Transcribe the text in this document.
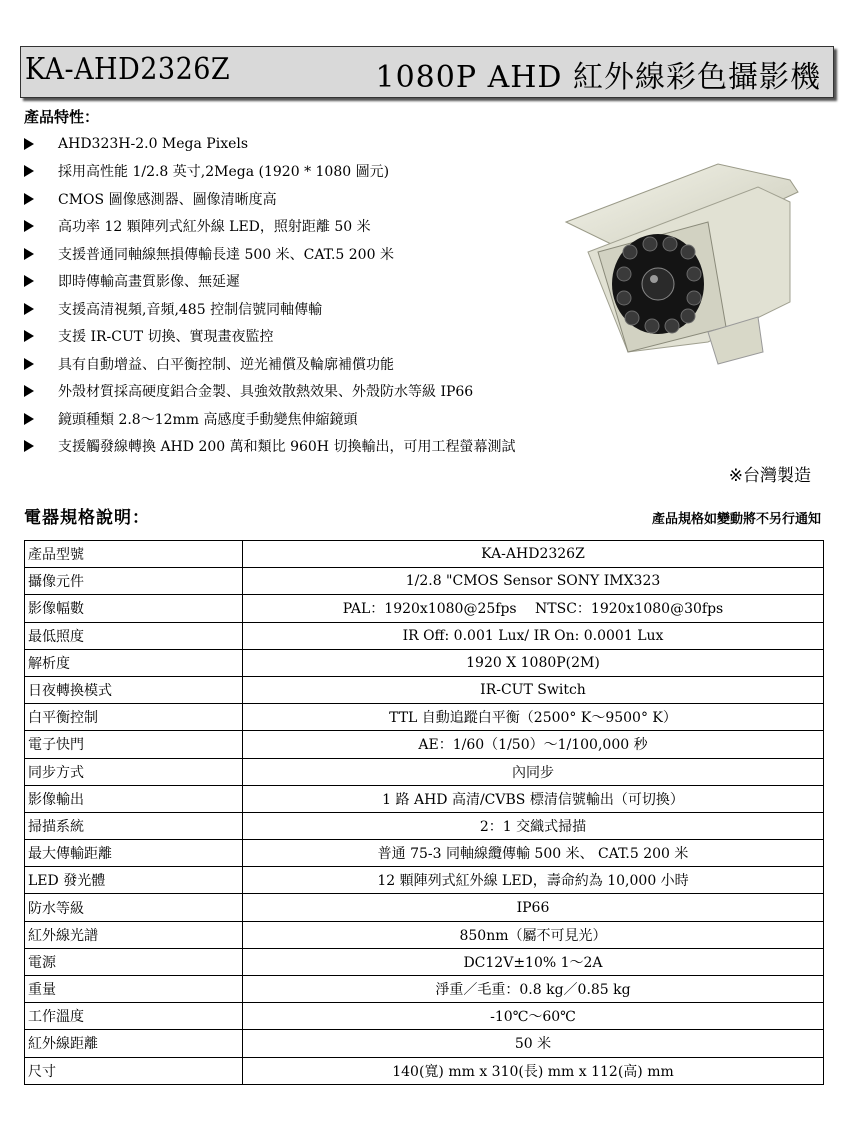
KA-AHD2326Z	1080P AHD 紅外線彩色攝影機
產品特性：
AHD323H-2.0 Mega Pixels
採用高性能 1/2.8 英寸,2Mega (1920 * 1080 圖元)
CMOS 圖像感測器、圖像清晰度高
高功率 12 顆陣列式紅外線 LED，照射距離 50 米
支援普通同軸線無損傳輸長達 500 米、CAT.5 200 米
即時傳輸高畫質影像、無延遲
支援高清視頻,音頻,485 控制信號同軸傳輸
支援 IR-CUT 切換、實現畫夜監控
具有自動增益、白平衡控制、逆光補償及輪廓補償功能
外殼材質採高硬度鋁合金製、具強效散熱效果、外殼防水等級 IP66
鏡頭種類 2.8～12mm 高感度手動變焦伸縮鏡頭
支援觸發線轉換 AHD 200 萬和類比 960H 切換輸出，可用工程螢幕測試
※台灣製造
電器規格說明：	產品規格如變動將不另行通知
產品型號	KA-AHD2326Z
攝像元件	1/2.8 "CMOS Sensor SONY IMX323
影像幅數	PAL：1920x1080@25fps　 NTSC：1920x1080@30fps
最低照度	IR Off: 0.001 Lux/ IR On: 0.0001 Lux
解析度	1920 X 1080P(2M)
日夜轉換模式	IR-CUT Switch
白平衡控制	TTL 自動追蹤白平衡（2500° K～9500° K）
電子快門	AE：1/60（1/50）～1/100,000 秒
同步方式	內同步
影像輸出	1 路 AHD 高清/CVBS 標清信號輸出（可切換）
掃描系統	2：1 交織式掃描
最大傳輸距離	普通 75-3 同軸線纜傳輸 500 米、 CAT.5 200 米
LED 發光體	12 顆陣列式紅外線 LED，壽命約為 10,000 小時
防水等級	IP66
紅外線光譜	850nm（屬不可見光）
電源	DC12V±10% 1～2A
重量	淨重／毛重：0.8 kg／0.85 kg
工作溫度	-10℃～60℃
紅外線距離	50 米
尺寸	140(寬) mm x 310(長) mm x 112(高) mm
